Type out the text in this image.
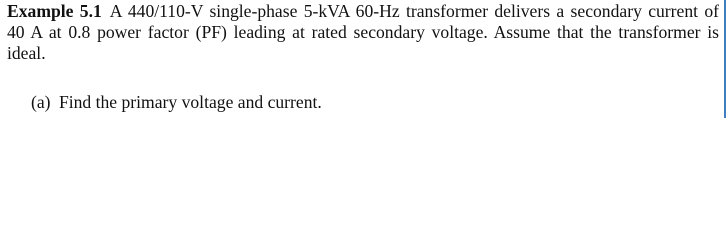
Example 5.1 A 440/110-V single-phase 5-kVA 60-Hz transformer delivers a secondary current of 40 A at 0.8 power factor (PF) leading at rated secondary voltage. Assume that the transformer is ideal.
(a) Find the primary voltage and current.
